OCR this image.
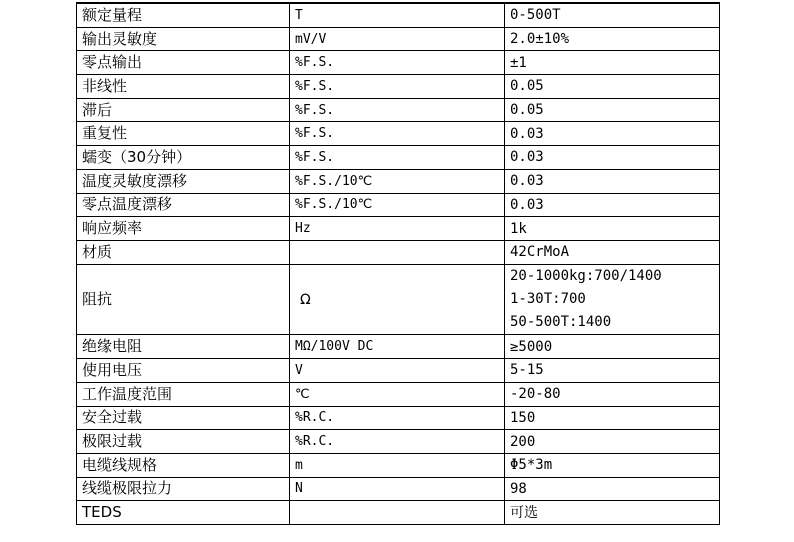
额定量程	T	0-500T
输出灵敏度	mV/V	2.0±10%
零点输出	%F.S.	±1
非线性	%F.S.	0.05
滞后	%F.S.	0.05
重复性	%F.S.	0.03
蠕变（30分钟）	%F.S.	0.03
温度灵敏度漂移	%F.S./10℃	0.03
零点温度漂移	%F.S./10℃	0.03
响应频率	Hz	1k
材质		42CrMoA
阻抗	Ω	20-1000kg:700/1400
1-30T:700
50-500T:1400

绝缘电阻	MΩ/100V DC	≥5000
使用电压	V	5-15
工作温度范围	℃	-20-80
安全过载	%R.C.	150
极限过载	%R.C.	200
电缆线规格	m	Φ5*3m
线缆极限拉力	N	98
TEDS		可选
